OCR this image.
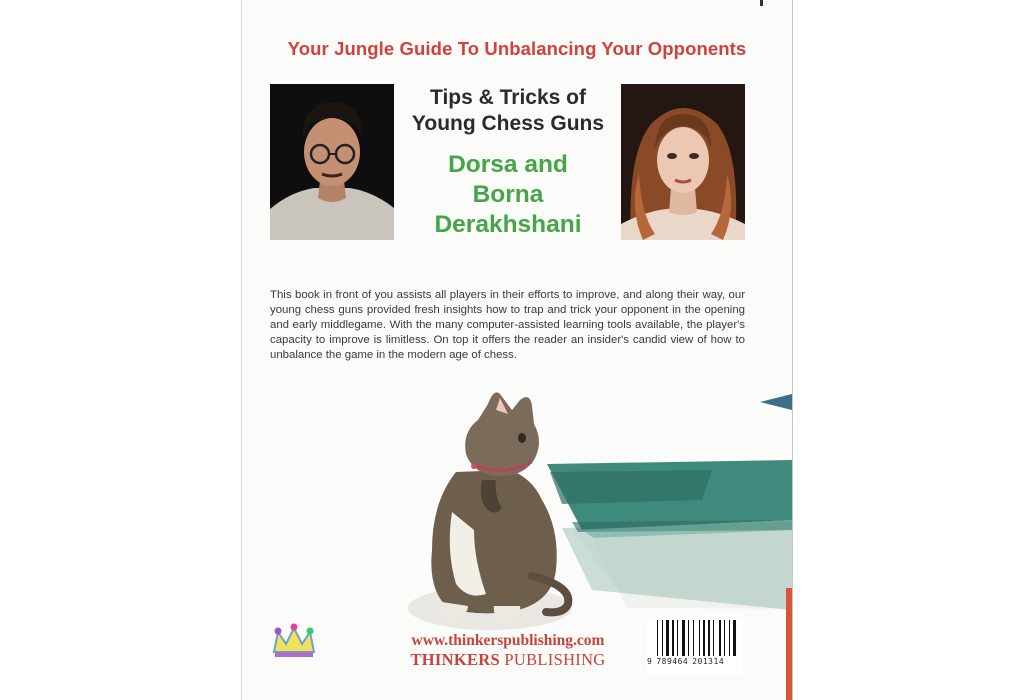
Your Jungle Guide To Unbalancing Your Opponents
Tips & Tricks of
Young Chess Guns
Dorsa and
Borna
Derakhshani

This book in front of you assists all players in their efforts to improve, and along their way, our young chess guns provided fresh insights how to trap and trick your opponent in the opening and early middlegame. With the many computer-assisted learning tools available, the player's capacity to improve is limitless. On top it offers the reader an insider's candid view of how to unbalance the game in the modern age of chess.

www.thinkerspublishing.com
THINKERS PUBLISHING	9 789464 201314
